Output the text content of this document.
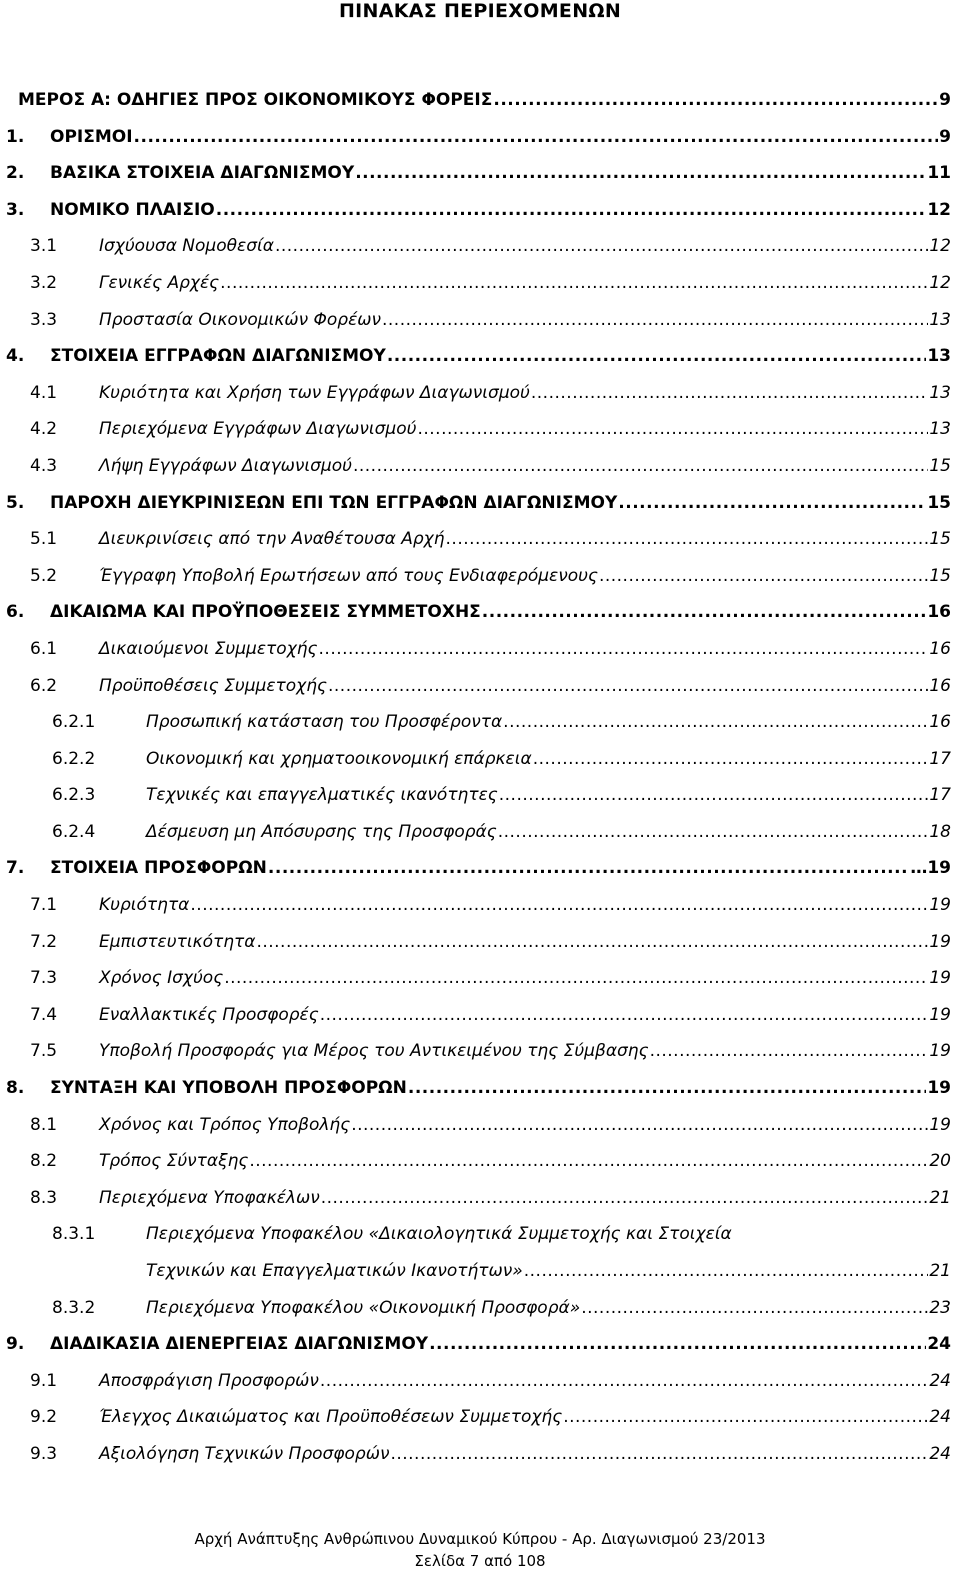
ΠΙΝΑΚΑΣ ΠΕΡΙΕΧΟΜΕΝΩΝ
ΜΕΡΟΣ Α: ΟΔΗΓΙΕΣ ΠΡΟΣ ΟΙΚΟΝΟΜΙΚΟΥΣ ΦΟΡΕΙΣ .....	9
1.	ΟΡΙΣΜΟΙ .....	9
2.	ΒΑΣΙΚΑ ΣΤΟΙΧΕΙΑ ΔΙΑΓΩΝΙΣΜΟΥ .....	11
3.	ΝΟΜΙΚΟ ΠΛΑΙΣΙΟ .....	12
3.1	Ισχύουσα Νομοθεσία .....	12
3.2	Γενικές Αρχές .....	12
3.3	Προστασία Οικονομικών Φορέων .....	13
4.	ΣΤΟΙΧΕΙΑ ΕΓΓΡΑΦΩΝ ΔΙΑΓΩΝΙΣΜΟΥ .....	13
4.1	Κυριότητα και Χρήση των Εγγράφων Διαγωνισμού .....	13
4.2	Περιεχόμενα Εγγράφων Διαγωνισμού .....	13
4.3	Λήψη Εγγράφων Διαγωνισμού .....	15
5.	ΠΑΡΟΧΗ ΔΙΕΥΚΡΙΝΙΣΕΩΝ ΕΠΙ ΤΩΝ ΕΓΓΡΑΦΩΝ ΔΙΑΓΩΝΙΣΜΟΥ .....	15
5.1	Διευκρινίσεις από την Αναθέτουσα Αρχή .....	15
5.2	Έγγραφη Υποβολή Ερωτήσεων από τους Ενδιαφερόμενους .....	15
6.	ΔΙΚΑΙΩΜΑ ΚΑΙ ΠΡΟΫΠΟΘΕΣΕΙΣ ΣΥΜΜΕΤΟΧΗΣ .....	16
6.1	Δικαιούμενοι Συμμετοχής .....	16
6.2	Προϋποθέσεις Συμμετοχής .....	16
6.2.1	Προσωπική κατάσταση του Προσφέροντα .....	16
6.2.2	Οικονομική και χρηματοοικονομική επάρκεια .....	17
6.2.3	Τεχνικές και επαγγελματικές ικανότητες .....	17
6.2.4	Δέσμευση μη Απόσυρσης της Προσφοράς .....	18
7.	ΣΤΟΙΧΕΙΑ ΠΡΟΣΦΟΡΩΝ .....	…19
7.1	Κυριότητα .....	19
7.2	Εμπιστευτικότητα .....	19
7.3	Χρόνος Ισχύος .....	19
7.4	Εναλλακτικές Προσφορές .....	19
7.5	Υποβολή Προσφοράς για Μέρος του Αντικειμένου της Σύμβασης .....	19
8.	ΣΥΝΤΑΞΗ ΚΑΙ ΥΠΟΒΟΛΗ ΠΡΟΣΦΟΡΩΝ .....	19
8.1	Χρόνος και Τρόπος Υποβολής .....	19
8.2	Τρόπος Σύνταξης .....	20
8.3	Περιεχόμενα Υποφακέλων .....	21
8.3.1	Περιεχόμενα Υποφακέλου «Δικαιολογητικά Συμμετοχής και Στοιχεία
Τεχνικών και Επαγγελματικών Ικανοτήτων» .....	21
8.3.2	Περιεχόμενα Υποφακέλου «Οικονομική Προσφορά» .....	23
9.	ΔΙΑΔΙΚΑΣΙΑ ΔΙΕΝΕΡΓΕΙΑΣ ΔΙΑΓΩΝΙΣΜΟΥ .....	24
9.1	Αποσφράγιση Προσφορών .....	24
9.2	Έλεγχος Δικαιώματος και Προϋποθέσεων Συμμετοχής .....	24
9.3	Αξιολόγηση Τεχνικών Προσφορών .....	24
Αρχή Ανάπτυξης Ανθρώπινου Δυναμικού Κύπρου - Αρ. Διαγωνισμού 23/2013
Σελίδα 7 από 108
